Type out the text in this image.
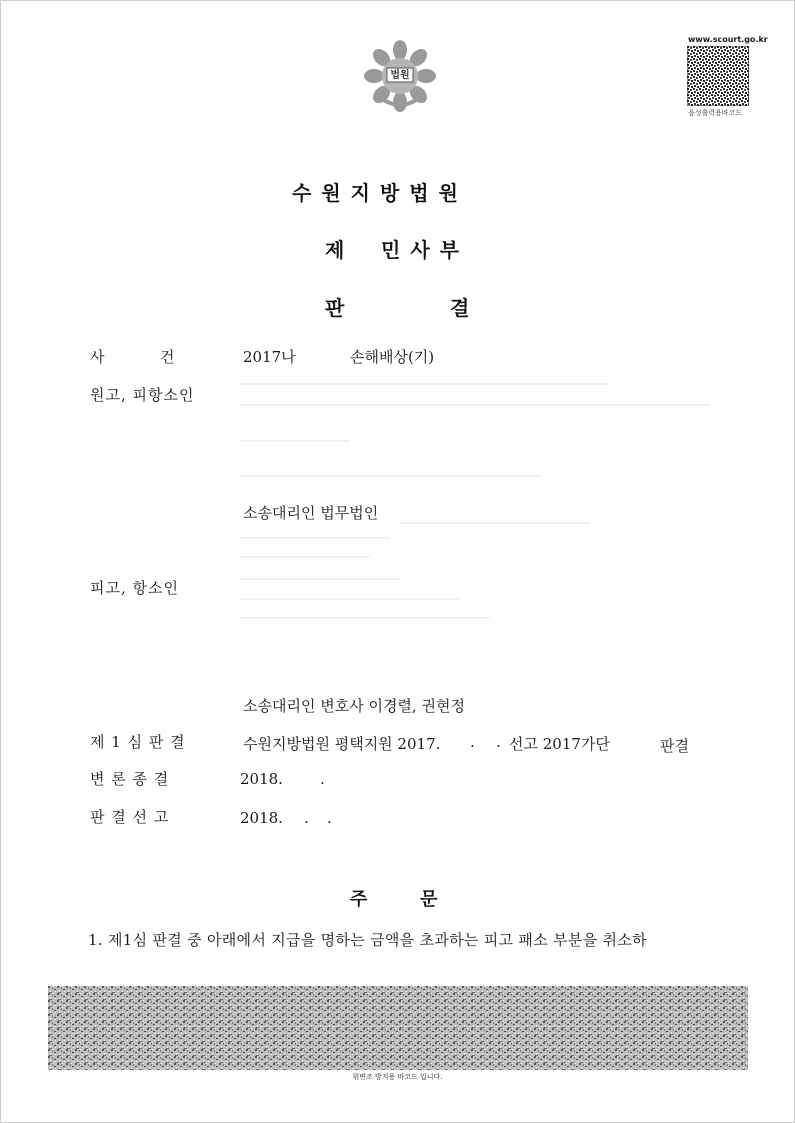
법원
www.scourt.go.kr
음성출력용바코드
수원지방법원
제 민사부
판	결
사	건	2017나	손해배상(기)
원고, 피항소인
소송대리인 법무법인
피고, 항소인
소송대리인 변호사 이경렬, 권현정
제 1 심 판 결	수원지방법원 평택지원 2017. . . 선고 2017가단	판결
변 론 종 결	2018. .
판 결 선 고	2018. . .
주 문
1. 제1심 판결 중 아래에서 지급을 명하는 금액을 초과하는 피고 패소 부분을 취소하
위변조 방지용 바코드 입니다.
